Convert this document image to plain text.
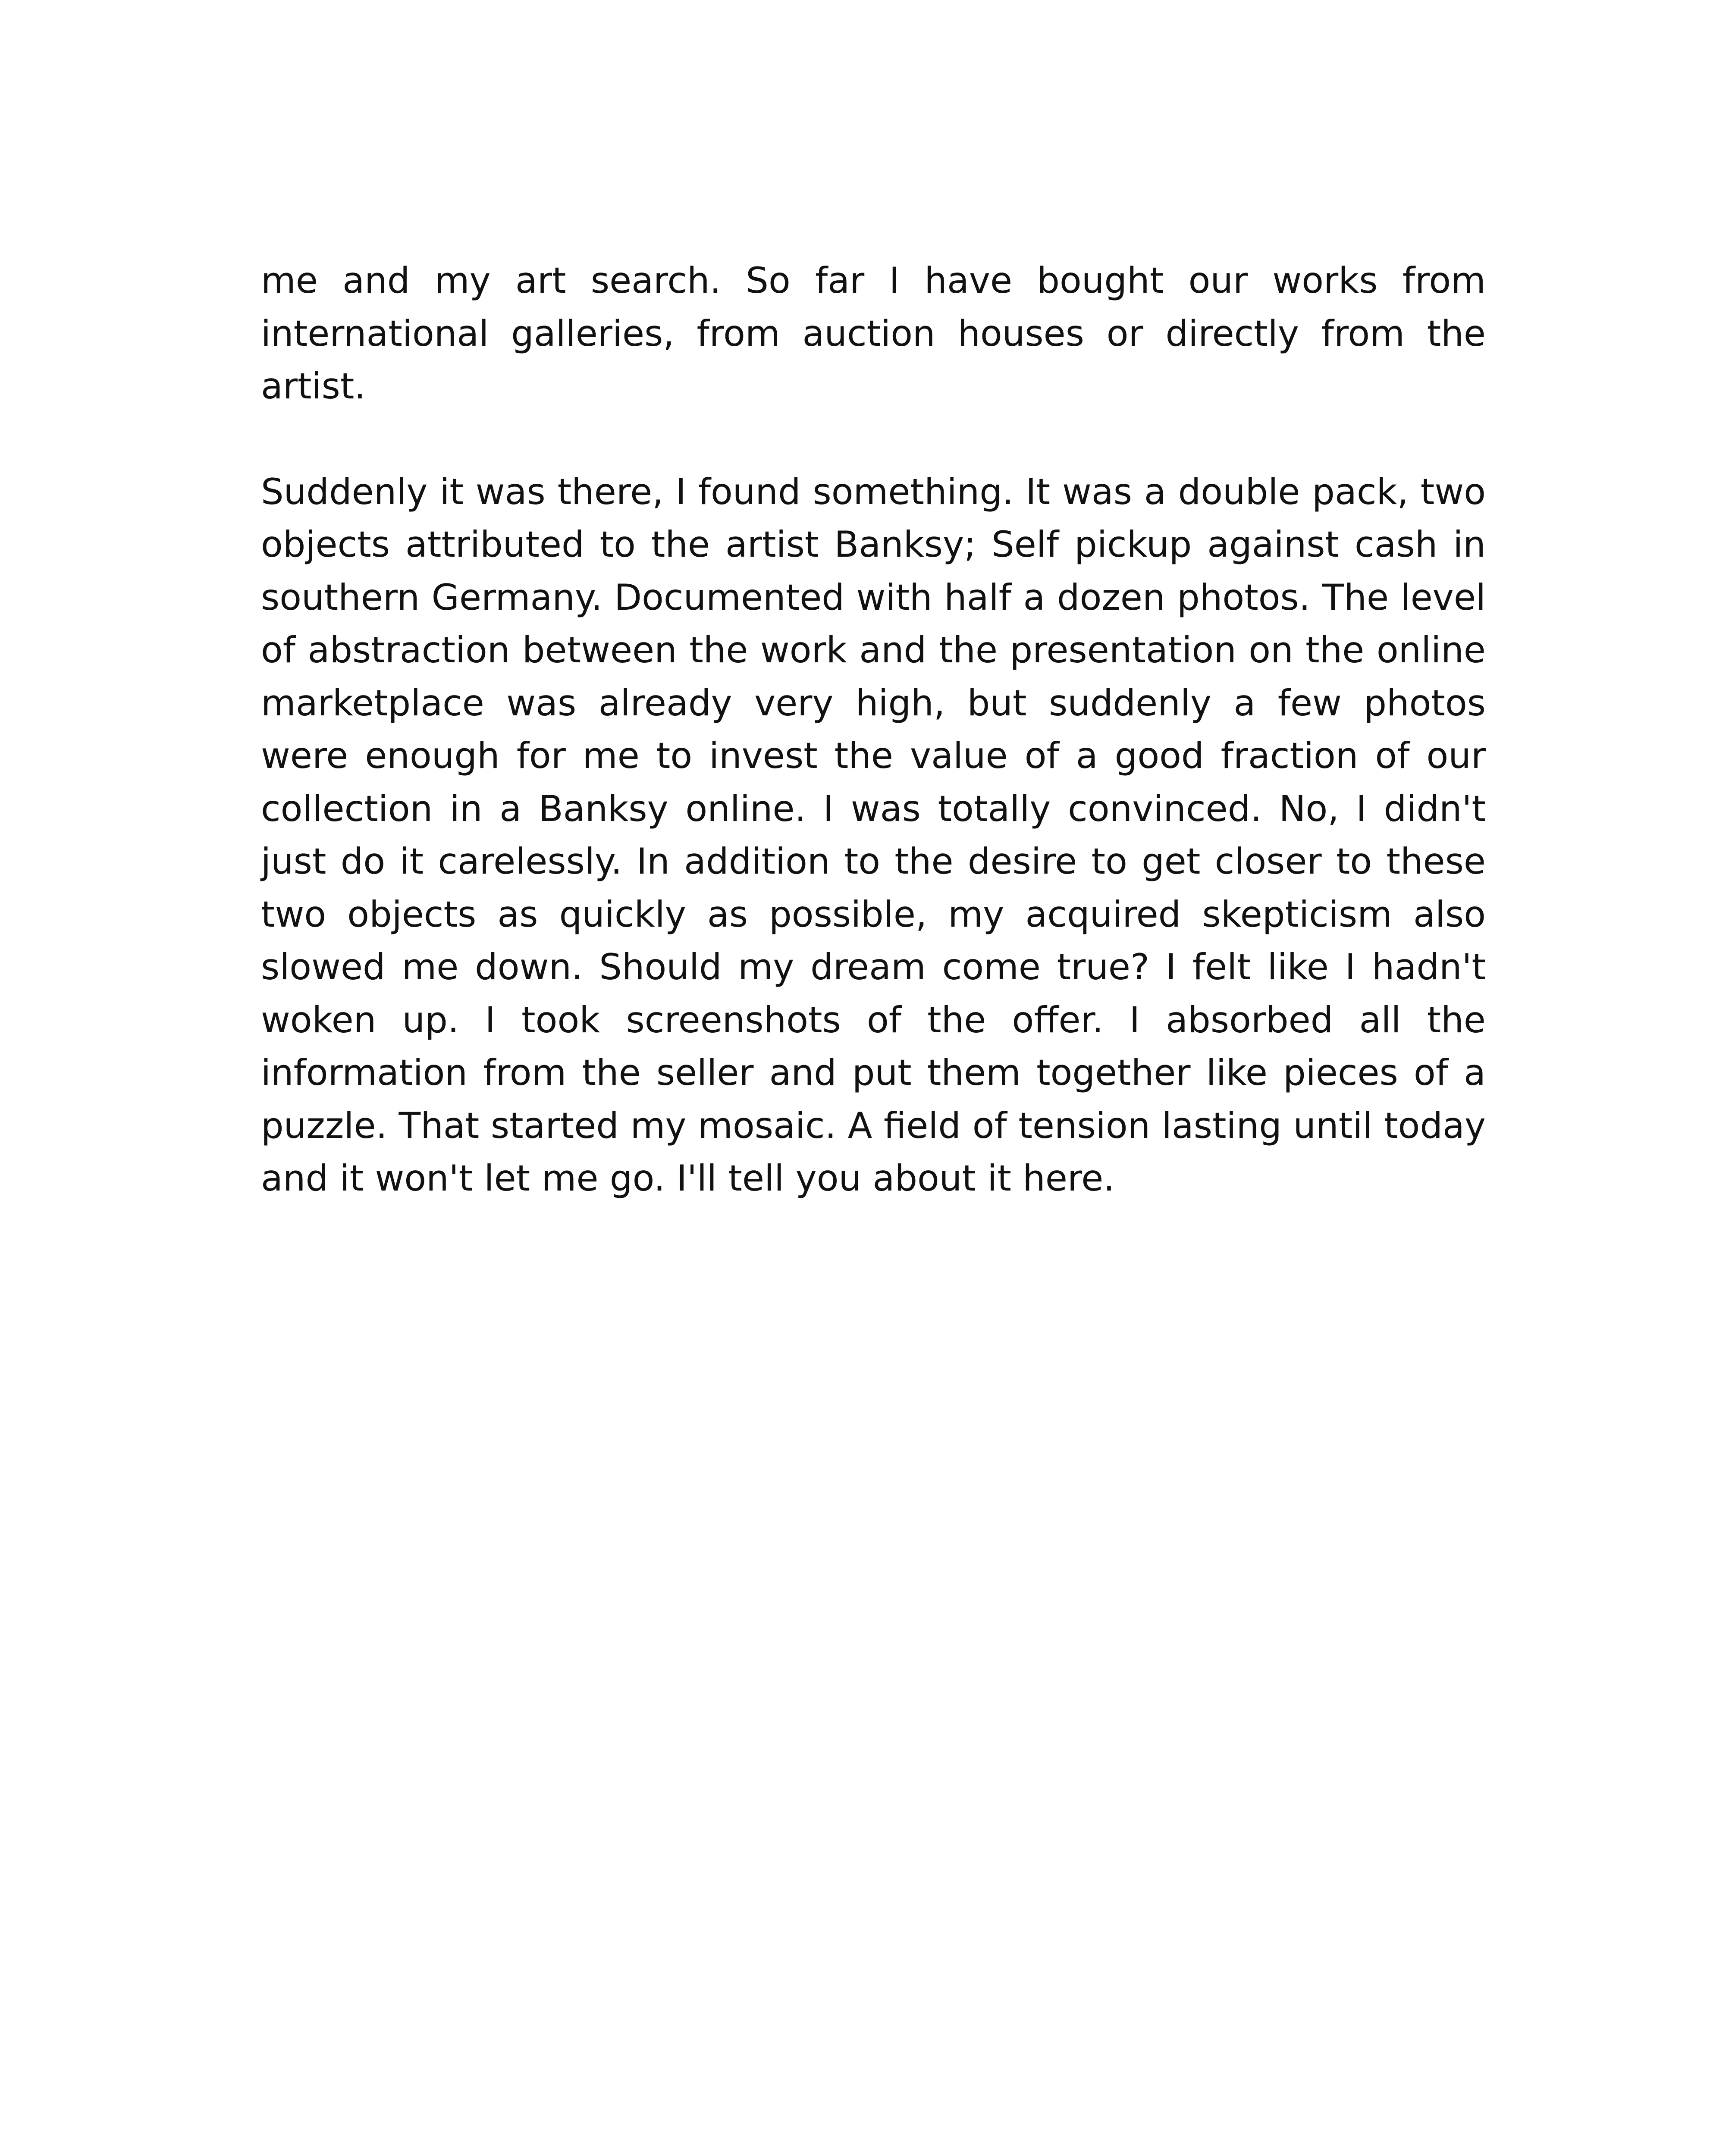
me and my art search. So far I have bought our works from international galleries, from auction houses or directly from the artist.

Suddenly it was there, I found something. It was a double pack, two objects attributed to the artist Banksy; Self pickup against cash in southern Germany. Documented with half a dozen photos. The level of abstraction between the work and the presentation on the online marketplace was already very high, but suddenly a few photos were enough for me to invest the value of a good fraction of our collection in a Banksy online. I was totally convinced. No, I didn't just do it carelessly. In addition to the desire to get closer to these two objects as quickly as possible, my acquired skepticism also slowed me down. Should my dream come true? I felt like I hadn't woken up. I took screenshots of the offer. I absorbed all the information from the seller and put them together like pieces of a puzzle. That started my mosaic. A field of tension lasting until today and it won't let me go. I'll tell you about it here.
